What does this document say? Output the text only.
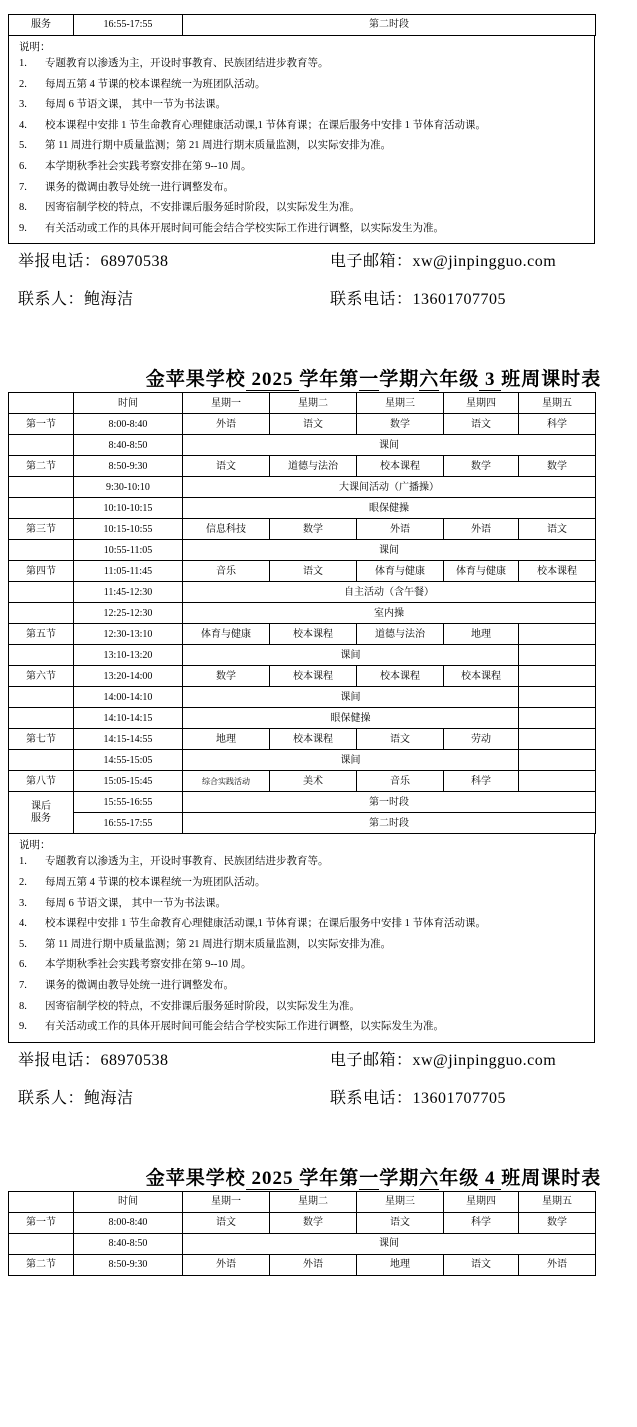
服务	16:55-17:55	第二时段
说明：
1.	专题教育以渗透为主，开设时事教育、民族团结进步教育等。
2.	每周五第 4 节课的校本课程统一为班团队活动。
3.	每周 6 节语文课， 其中一节为书法课。
4.	校本课程中安排 1 节生命教育心理健康活动课,1 节体育课；在课后服务中安排 1 节体育活动课。
5.	第 11 周进行期中质量监测；第 21 周进行期末质量监测，以实际安排为准。
6.	本学期秋季社会实践考察安排在第 9--10 周。
7.	课务的微调由教导处统一进行调整发布。
8.	因寄宿制学校的特点，不安排课后服务延时阶段，以实际发生为准。
9.	有关活动或工作的具体开展时间可能会结合学校实际工作进行调整，以实际发生为准。
举报电话：68970538	电子邮箱：xw@jinpingguo.com
联系人：鲍海洁	联系电话：13601707705
金苹果学校 2025 学年第一学期六年级 3 班周课时表
	时间	星期一	星期二	星期三	星期四	星期五
第一节	8:00-8:40	外语	语文	数学	语文	科学
	8:40-8:50	课间				
第二节	8:50-9:30	语文	道德与法治	校本课程	数学	数学
	9:30-10:10	大课间活动（广播操）				
	10:10-10:15	眼保健操				
第三节	10:15-10:55	信息科技	数学	外语	外语	语文
	10:55-11:05	课间				
第四节	11:05-11:45	音乐	语文	体育与健康	体育与健康	校本课程
	11:45-12:30	自主活动（含午餐）				
	12:25-12:30	室内操				
第五节	12:30-13:10	体育与健康	校本课程	道德与法治	地理	
	13:10-13:20	课间				
第六节	13:20-14:00	数学	校本课程	校本课程	校本课程	
	14:00-14:10	课间				
	14:10-14:15	眼保健操				
第七节	14:15-14:55	地理	校本课程	语文	劳动	
	14:55-15:05	课间				
第八节	15:05-15:45	综合实践活动	美术	音乐	科学	
课后
服务	15:55-16:55	第一时段				
	16:55-17:55	第二时段				
说明：
1.	专题教育以渗透为主，开设时事教育、民族团结进步教育等。
2.	每周五第 4 节课的校本课程统一为班团队活动。
3.	每周 6 节语文课， 其中一节为书法课。
4.	校本课程中安排 1 节生命教育心理健康活动课,1 节体育课；在课后服务中安排 1 节体育活动课。
5.	第 11 周进行期中质量监测；第 21 周进行期末质量监测，以实际安排为准。
6.	本学期秋季社会实践考察安排在第 9--10 周。
7.	课务的微调由教导处统一进行调整发布。
8.	因寄宿制学校的特点，不安排课后服务延时阶段，以实际发生为准。
9.	有关活动或工作的具体开展时间可能会结合学校实际工作进行调整，以实际发生为准。
举报电话：68970538	电子邮箱：xw@jinpingguo.com
联系人：鲍海洁	联系电话：13601707705
金苹果学校 2025 学年第一学期六年级 4 班周课时表
	时间	星期一	星期二	星期三	星期四	星期五
第一节	8:00-8:40	语文	数学	语文	科学	数学
	8:40-8:50	课间				
第二节	8:50-9:30	外语	外语	地理	语文	外语
